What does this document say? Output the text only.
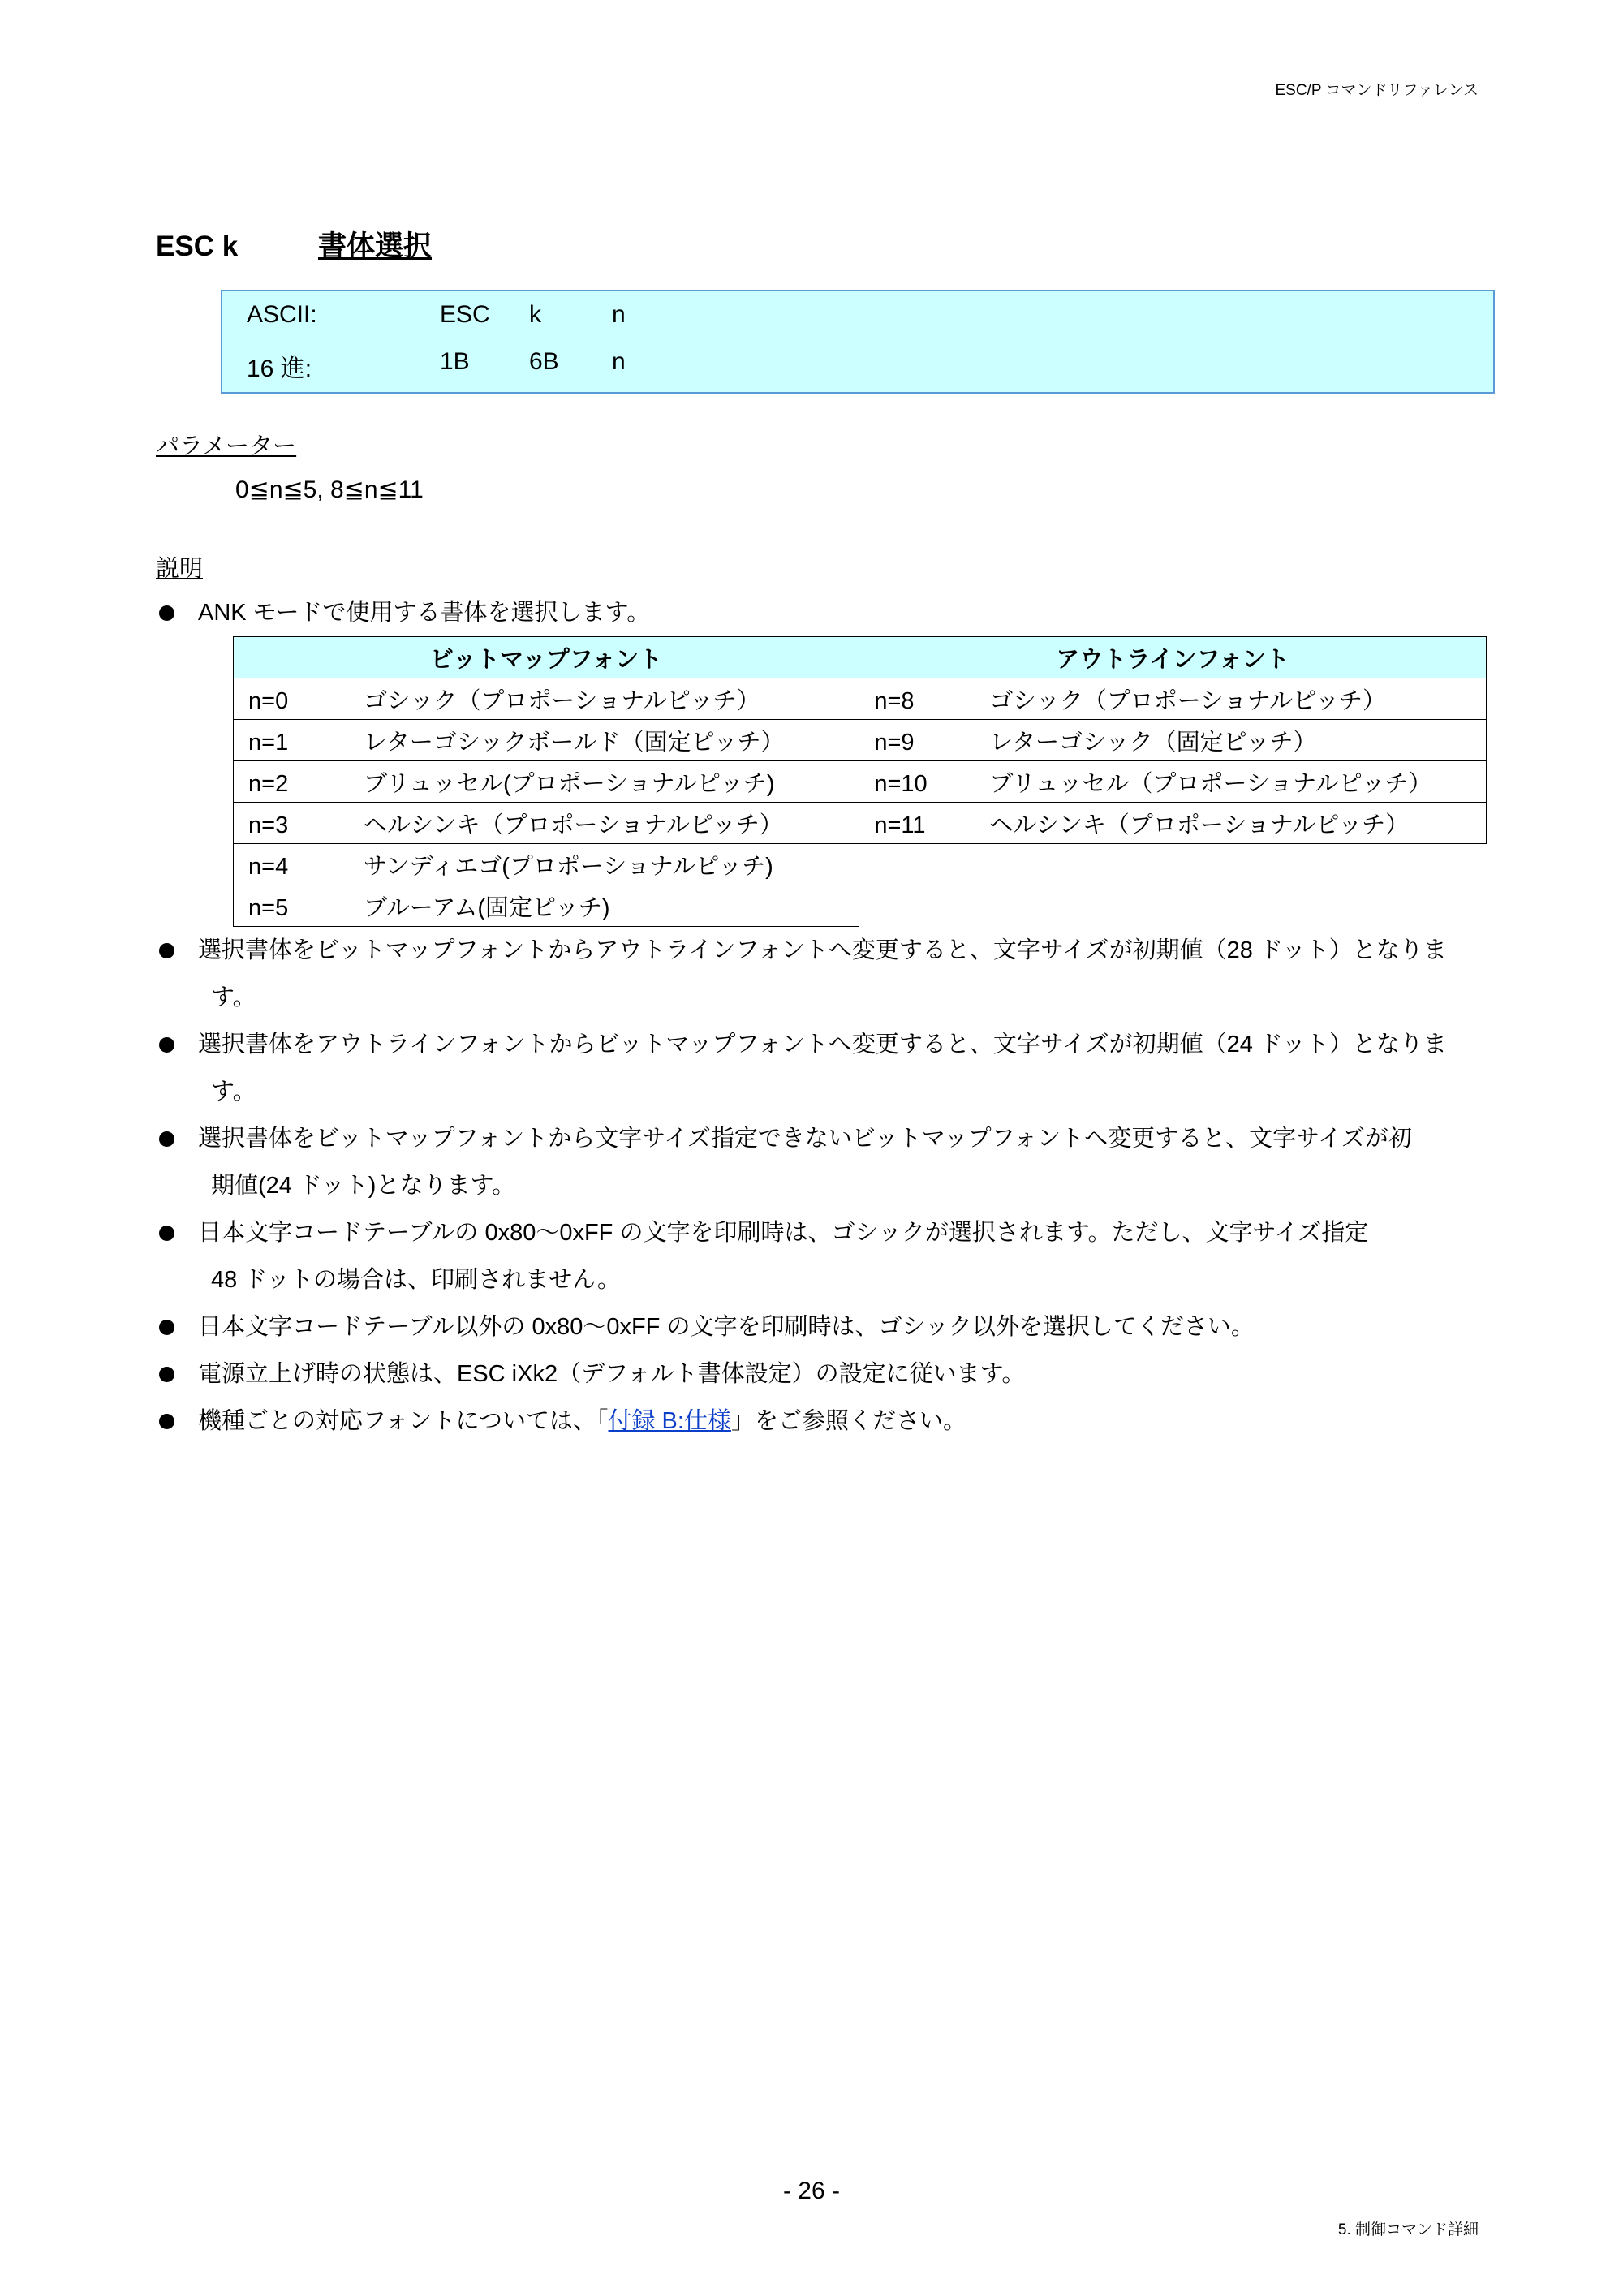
ESC/P コマンドリファレンス
ESC k	書体選択
ASCII:	ESC k	n
16 進:	1B 6B n
パラメーター
0≦n≦5, 8≦n≦11
説明

ANK モードで使用する書体を選択します。

ビットマップフォント	アウトラインフォント
n=0 ゴシック（プロポーショナルピッチ）	n=8 ゴシック（プロポーショナルピッチ）
n=1 レターゴシックボールド（固定ピッチ）	n=9 レターゴシック（固定ピッチ）
n=2 ブリュッセル(プロポーショナルピッチ)	n=10 ブリュッセル（プロポーショナルピッチ）
n=3 ヘルシンキ（プロポーショナルピッチ）	n=11 ヘルシンキ（プロポーショナルピッチ）
n=4 サンディエゴ(プロポーショナルピッチ)	
n=5 ブルーアム(固定ピッチ)	

選択書体をビットマップフォントからアウトラインフォントへ変更すると、文字サイズが初期値（28 ドット）となりま
す。

選択書体をアウトラインフォントからビットマップフォントへ変更すると、文字サイズが初期値（24 ドット）となりま
す。

選択書体をビットマップフォントから文字サイズ指定できないビットマップフォントへ変更すると、文字サイズが初
期値(24 ドット)となります。

日本文字コードテーブルの 0x80～0xFF の文字を印刷時は、ゴシックが選択されます。ただし、文字サイズ指定
48 ドットの場合は、印刷されません。

日本文字コードテーブル以外の 0x80～0xFF の文字を印刷時は、ゴシック以外を選択してください。

電源立上げ時の状態は、ESC iXk2（デフォルト書体設定）の設定に従います。

機種ごとの対応フォントについては、「付録 B:仕様」をご参照ください。

- 26 -
5. 制御コマンド詳細
